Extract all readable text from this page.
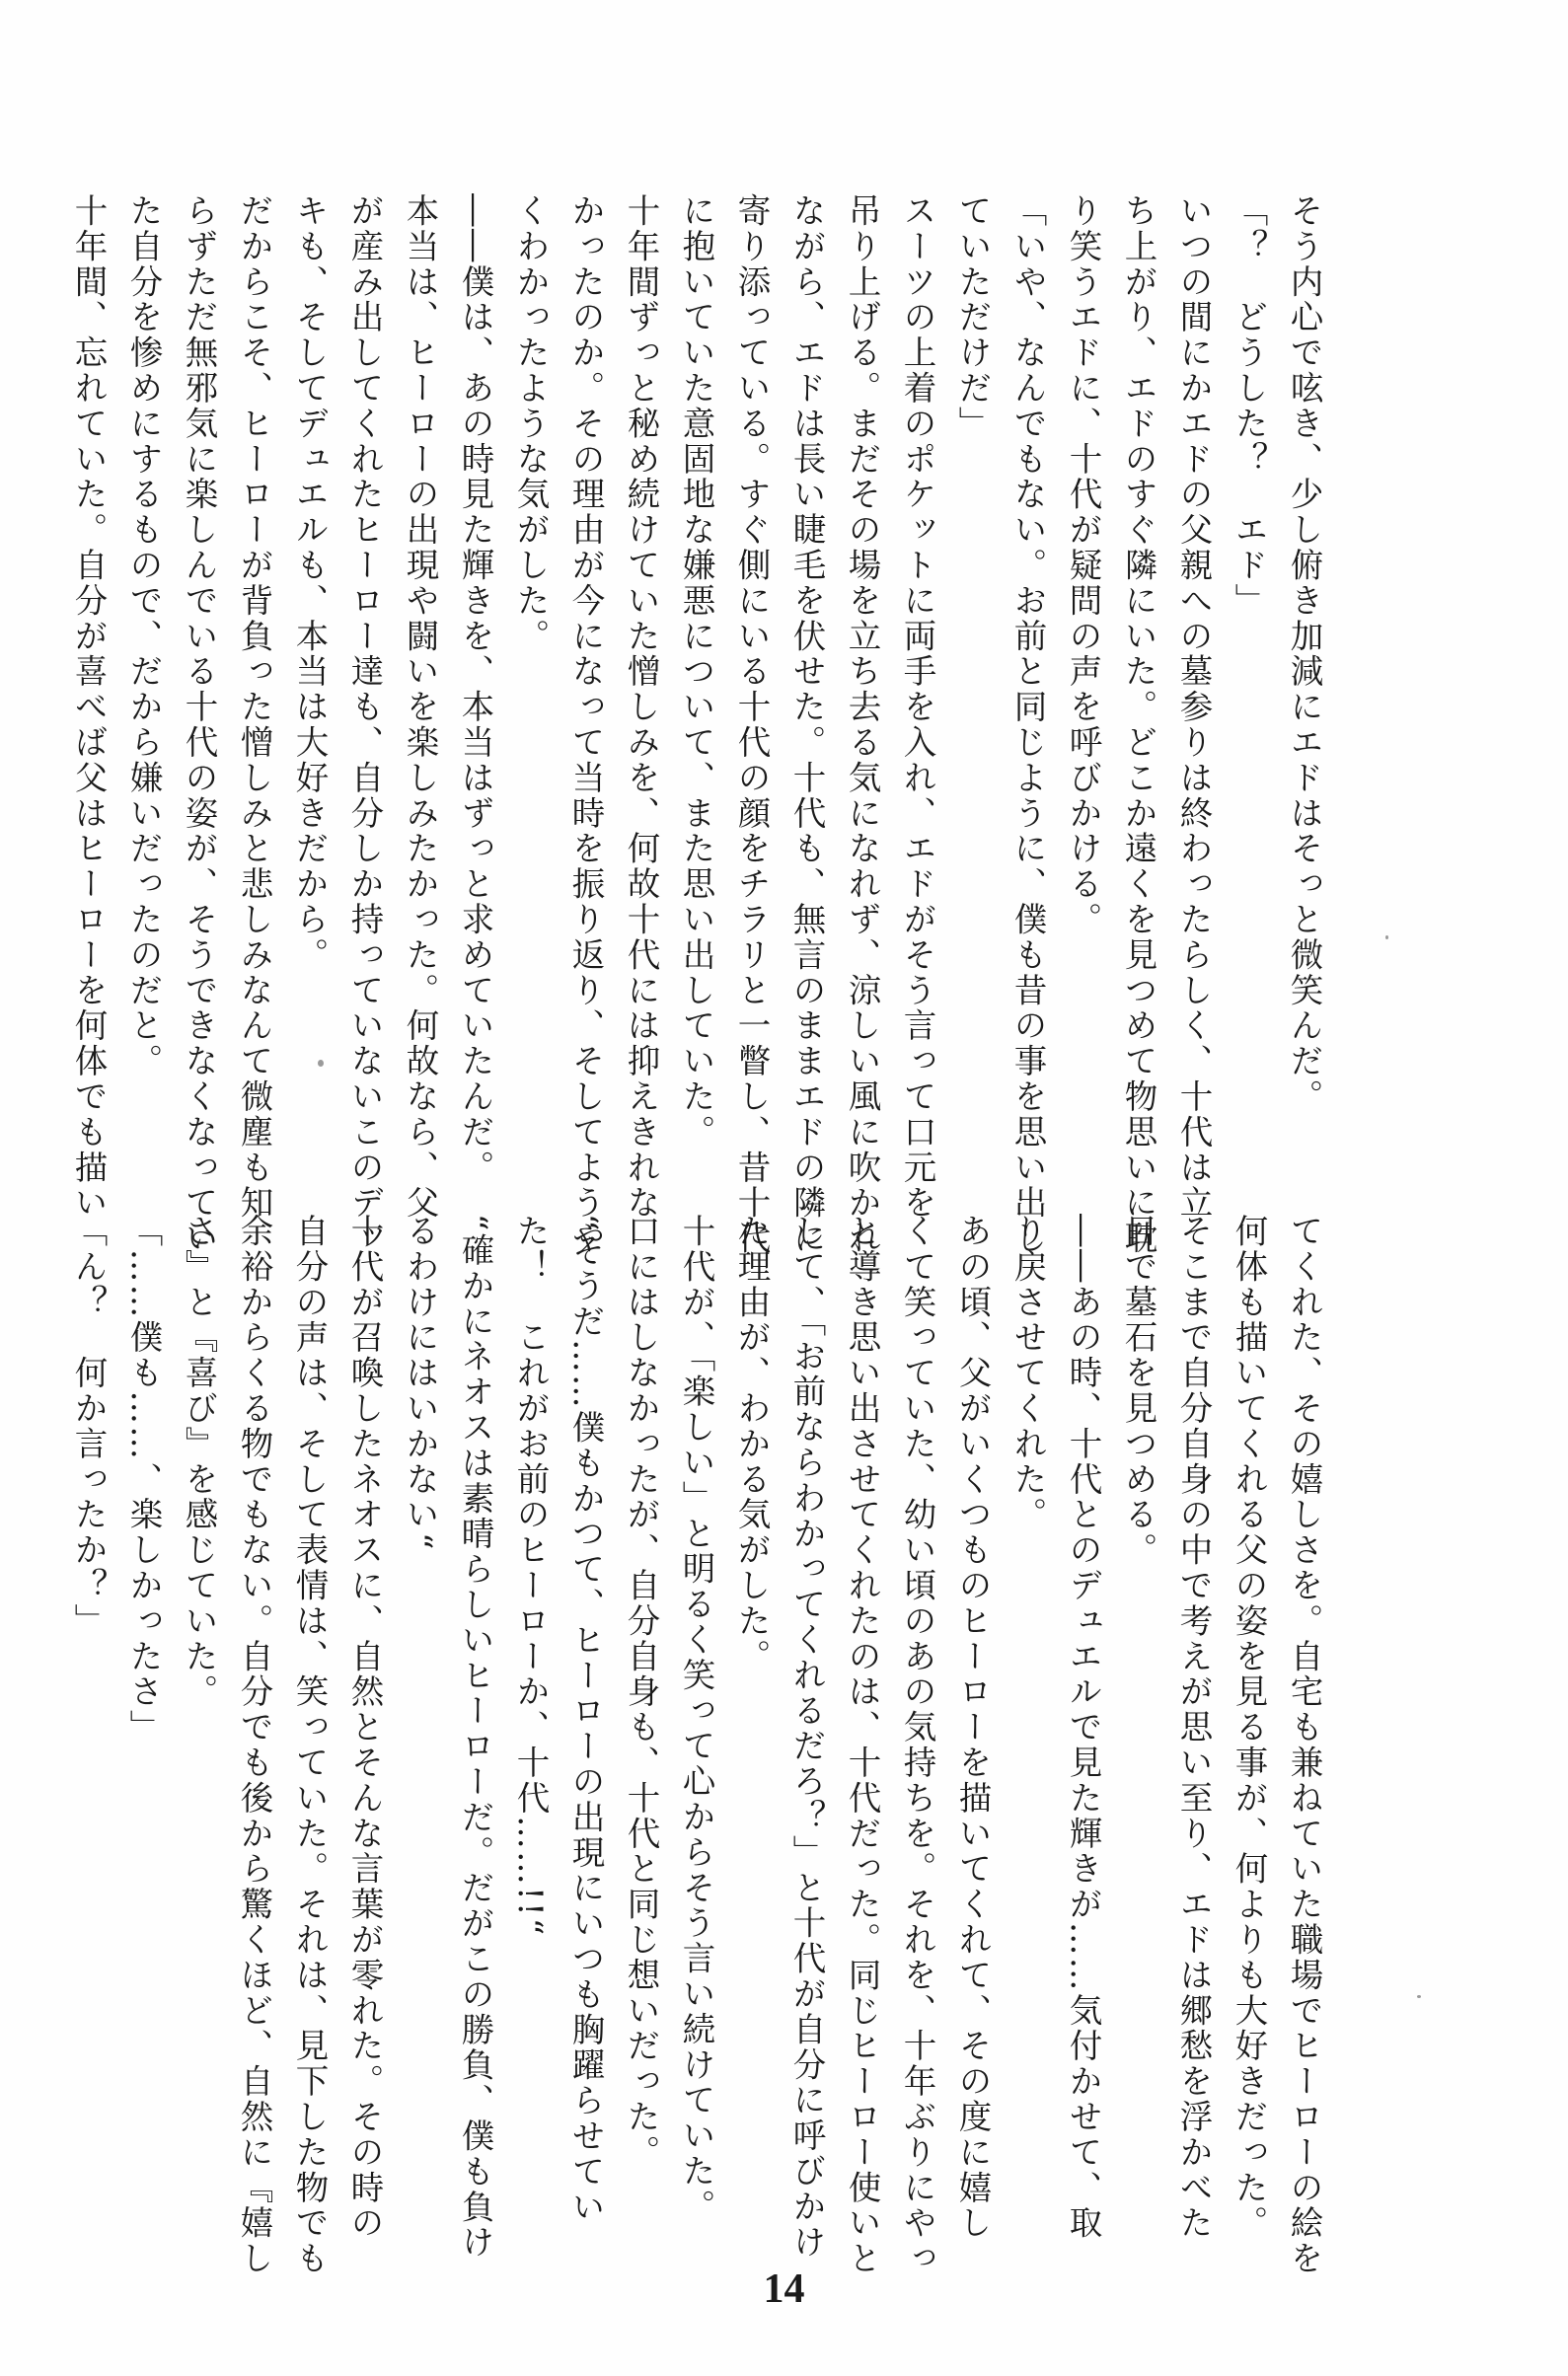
そう内心で呟き、少し俯き加減にエドはそっと微笑んだ。
「？　どうした？　エド」
いつの間にかエドの父親への墓参りは終わったらしく、十代は立
ち上がり、エドのすぐ隣にいた。どこか遠くを見つめて物思いに耽
り笑うエドに、十代が疑問の声を呼びかける。
「いや、なんでもない。お前と同じように、僕も昔の事を思い出し
ていただけだ」
スーツの上着のポケットに両手を入れ、エドがそう言って口元を
吊り上げる。まだその場を立ち去る気になれず、涼しい風に吹かれ
ながら、エドは長い睫毛を伏せた。十代も、無言のままエドの隣に
寄り添っている。すぐ側にいる十代の顔をチラリと一瞥し、昔十代
に抱いていた意固地な嫌悪について、また思い出していた。
十年間ずっと秘め続けていた憎しみを、何故十代には抑えきれな
かったのか。その理由が今になって当時を振り返り、そしてようや
くわかったような気がした。
――僕は、あの時見た輝きを、本当はずっと求めていたんだ。
本当は、ヒーローの出現や闘いを楽しみたかった。何故なら、父
が産み出してくれたヒーロー達も、自分しか持っていないこのデッ
キも、そしてデュエルも、本当は大好きだから。
だからこそ、ヒーローが背負った憎しみと悲しみなんて微塵も知
らずただ無邪気に楽しんでいる十代の姿が、そうできなくなってい
た自分を惨めにするもので、だから嫌いだったのだと。
十年間、忘れていた。自分が喜べば父はヒーローを何体でも描い
てくれた、その嬉しさを。自宅も兼ねていた職場でヒーローの絵を
何体も描いてくれる父の姿を見る事が、何よりも大好きだった。
そこまで自分自身の中で考えが思い至り、エドは郷愁を浮かべた
目で墓石を見つめる。
――あの時、十代とのデュエルで見た輝きが……気付かせて、取
り戻させてくれた。
あの頃、父がいくつものヒーローを描いてくれて、その度に嬉し
くて笑っていた、幼い頃のあの気持ちを。それを、十年ぶりにやっ
と導き思い出させてくれたのは、十代だった。同じヒーロー使いと
して、「お前ならわかってくれるだろ？」と十代が自分に呼びかけ
た理由が、わかる気がした。
十代が、「楽しい」と明るく笑って心からそう言い続けていた。
口にはしなかったが、自分自身も、十代と同じ想いだった。
“そうだ……僕もかつて、ヒーローの出現にいつも胸躍らせてい
た！　これがお前のヒーローか、十代……!!“
“確かにネオスは素晴らしいヒーローだ。だがこの勝負、僕も負け
るわけにはいかない“
十代が召喚したネオスに、自然とそんな言葉が零れた。その時の
自分の声は、そして表情は、笑っていた。それは、見下した物でも
余裕からくる物でもない。自分でも後から驚くほど、自然に『嬉し
さ』と『喜び』を感じていた。
「……僕も……、楽しかったさ」
「ん？　何か言ったか？」
14
